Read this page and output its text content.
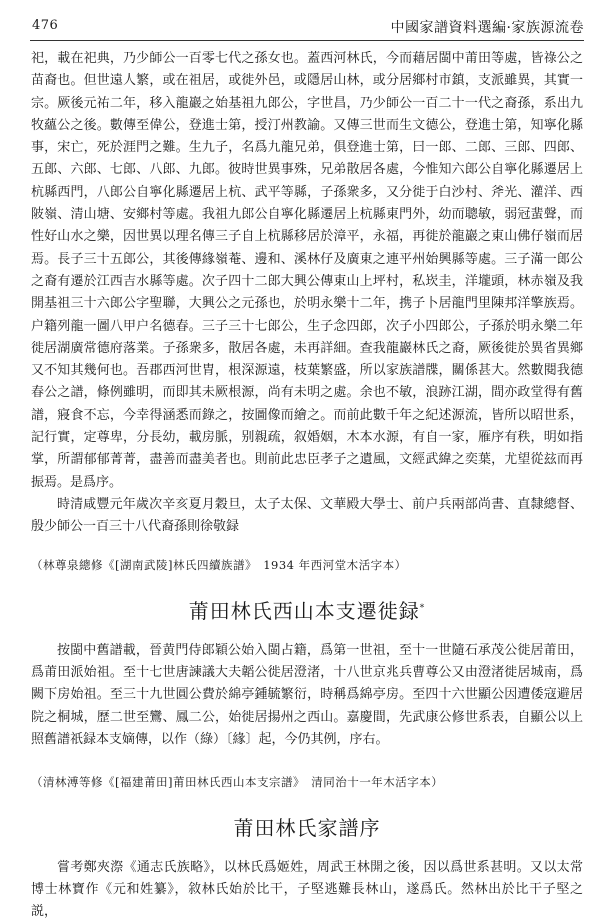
476	中國家譜資料選編·家族源流卷

祀，載在祀典，乃少師公一百零七代之孫女也。蓋西河林氏，今而藉居閩中莆田等處，皆祿公之苗裔也。但世遠人繁，或在祖居，或徙外邑，或隱居山林，或分居鄉村市鎮，支派雖異，其實一宗。厥後元祐二年，移入龍巖之始基祖九郎公，字世昌，乃少師公一百二十一代之裔孫，系出九牧蘊公之後。數傳至偉公，登進士第，授汀州教諭。又傳三世而生文德公，登進士第，知寧化縣事，宋亡，死於涯門之難。生九子，名爲九龍兄弟，俱登進士第，曰一郎、二郎、三郎、四郎、五郎、六郎、七郎、八郎、九郎。彼時世異事殊，兄弟散居各處，今惟知六郎公自寧化縣遷居上杭縣西門，八郎公自寧化縣遷居上杭、武平等縣，子孫衆多，又分徙于白沙村、斧光、灌洋、西陂嶺、清山塘、安鄉村等處。我祖九郎公自寧化縣遷居上杭縣東門外，幼而聰敏，弱冠蜚聲，而性好山水之樂，因世異以理名傳三子自上杭縣移居於漳平，永福，再徙於龍巖之東山佛仔嶺而居焉。長子三十五郎公，其後傳緣嶺菴、邊和、溪林仔及廣東之連平州始興縣等處。三子滿一郎公之裔有遷於江西吉水縣等處。次子四十二郎大興公傳東山上坪村，私崁圭，洋壠頭，林赤嶺及我開基祖三十六郎公字聖聯，大興公之元孫也，於明永樂十二年，携子卜居龍門里陳邦洋擎族焉。户籍列龍一圖八甲户名德春。三子三十七郎公，生子念四郎，次子小四郎公，子孫於明永樂二年徙居湖廣常德府落業。子孫衆多，散居各處，未再詳細。查我龍巖林氏之裔，厥後徙於異省異鄉又不知其幾何也。吾郡西河世胄，根深源遠，枝葉繁盛，所以家族譜牒，關係甚大。然數閱我德春公之譜，條例雖明，而即其未厥根源，尚有未明之處。余也不敏，浪跡江湖，間亦政堂得有舊譜，寢食不忘，今幸得涵悉而錄之，按圖像而繪之。而前此數千年之紀述源流，皆所以昭世系，記行實，定尊卑，分長幼，載房脈，别親疏，叙婚姻，木本水源，有自一家，雁序有秩，明如指掌，所謂郁郁菁菁，盡善而盡美者也。則前此忠臣孝子之遺風，文經武緯之奕葉，尤望從玆而再振焉。是爲序。

時清咸豐元年歲次辛亥夏月穀旦，太子太保、文華殿大學士、前户兵兩部尚書、直隸總督、殷少師公一百三十八代裔孫則徐敬録

（林尊泉總修《[湖南武陵]林氏四續族譜》　1934 年西河堂木活字本）

莆田林氏西山本支遷徙録*

按閩中舊譜載，晉黄門侍郎穎公始入閩占籍，爲第一世祖，至十一世隨石承茂公徙居莆田，爲莆田派始祖。至十七世唐諫議大夫韜公徙居澄渚，十八世京兆兵曹尊公又由澄渚徙居城南，爲闕下房始祖。至三十九世圓公費於綿亭鍾毓繁衍，時稱爲綿亭房。至四十六世顯公因遭倭寇避居院之桐城，歷二世至鸞、鳳二公，始徙居揚州之西山。嘉慶間，先武康公修世系表，自顯公以上照舊譜祇録本支嫡傳，以作（綠）〔緣〕起，今仍其例，序右。

（清林溥等修《[福建莆田]莆田林氏西山本支宗譜》　清同治十一年木活字本）

莆田林氏家譜序

嘗考鄭夾漈《通志氏族略》，以林氏爲姬姓，周武王林開之後，因以爲世系甚明。又以太常博士林寶作《元和姓纂》，敘林氏始於比干，子堅逃難長林山，遂爲氏。然林出於比干子堅之説，
